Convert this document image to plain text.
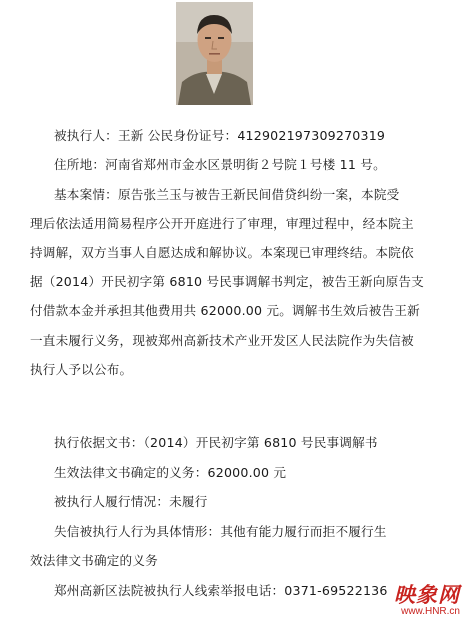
被执行人：王新 公民身份证号：412902197309270319
住所地：河南省郑州市金水区景明街２号院１号楼 11 号。
基本案情：原告张兰玉与被告王新民间借贷纠纷一案，本院受
理后依法适用简易程序公开开庭进行了审理，审理过程中，经本院主
持调解，双方当事人自愿达成和解协议。本案现已审理终结。本院依
据（2014）开民初字第 6810 号民事调解书判定，被告王新向原告支
付借款本金并承担其他费用共 62000.00 元。调解书生效后被告王新
一直未履行义务，现被郑州高新技术产业开发区人民法院作为失信被
执行人予以公布。
执行依据文书：（2014）开民初字第 6810 号民事调解书
生效法律文书确定的义务：62000.00 元
被执行人履行情况：未履行
失信被执行人行为具体情形：其他有能力履行而拒不履行生
效法律文书确定的义务
郑州高新区法院被执行人线索举报电话：0371-69522136 映象网
www.HNR.cn
